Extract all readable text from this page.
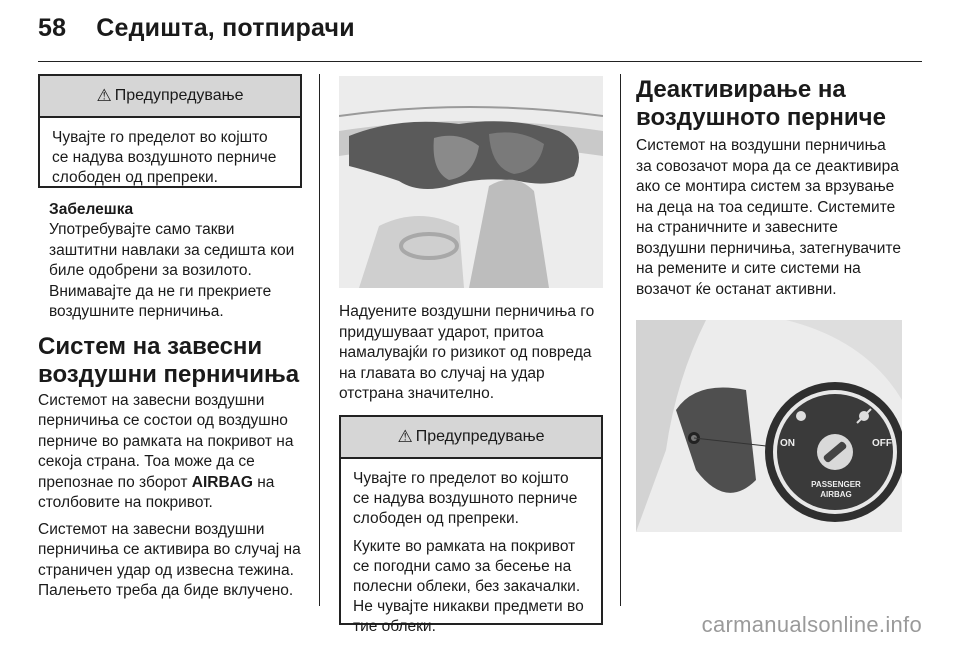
58 Седишта, потпирачи
⚠ Предупредување
Чувајте го пределот во којшто се надува воздушното перниче слободен од препреки.
Забелешка

Употребувајте само такви заштитни навлаки за седишта кои биле одобрени за возилото. Внимавајте да не ги прекриете воздушните перничиња.

Систем на завесни
воздушни перничиња

Системот на завесни воздушни перничиња се состои од воздушно перниче во рамката на покривот на секоја страна. Тоа може да се препознае по зборот AIRBAG на столбовите на покривот.

Системот на завесни воздушни перничиња се активира во случај на страничен удар од извесна тежина. Палењето треба да биде вклучено.

Надуените воздушни перничиња го придушуваат ударот, притоа намалувајќи го ризикот од повреда на главата во случај на удар отстрана значително.

⚠ Предупредување

Чувајте го пределот во којшто се надува воздушното перниче слободен од препреки.

Куките во рамката на покривот се погодни само за бесење на полесни облеки, без закачалки. Не чувајте никакви предмети во тие облеки.

Деактивирање на
воздушното перниче

Системот на воздушни перничиња за совозачот мора да се деактивира ако се монтира систем за врзување на деца на тоа седиште. Системите на страничните и завесните воздушни перничиња, затегнувачите на ремените и сите системи на возачот ќе останат активни.

ON	OFF
PASSENGER
AIRBAG
carmanualsonline.info
